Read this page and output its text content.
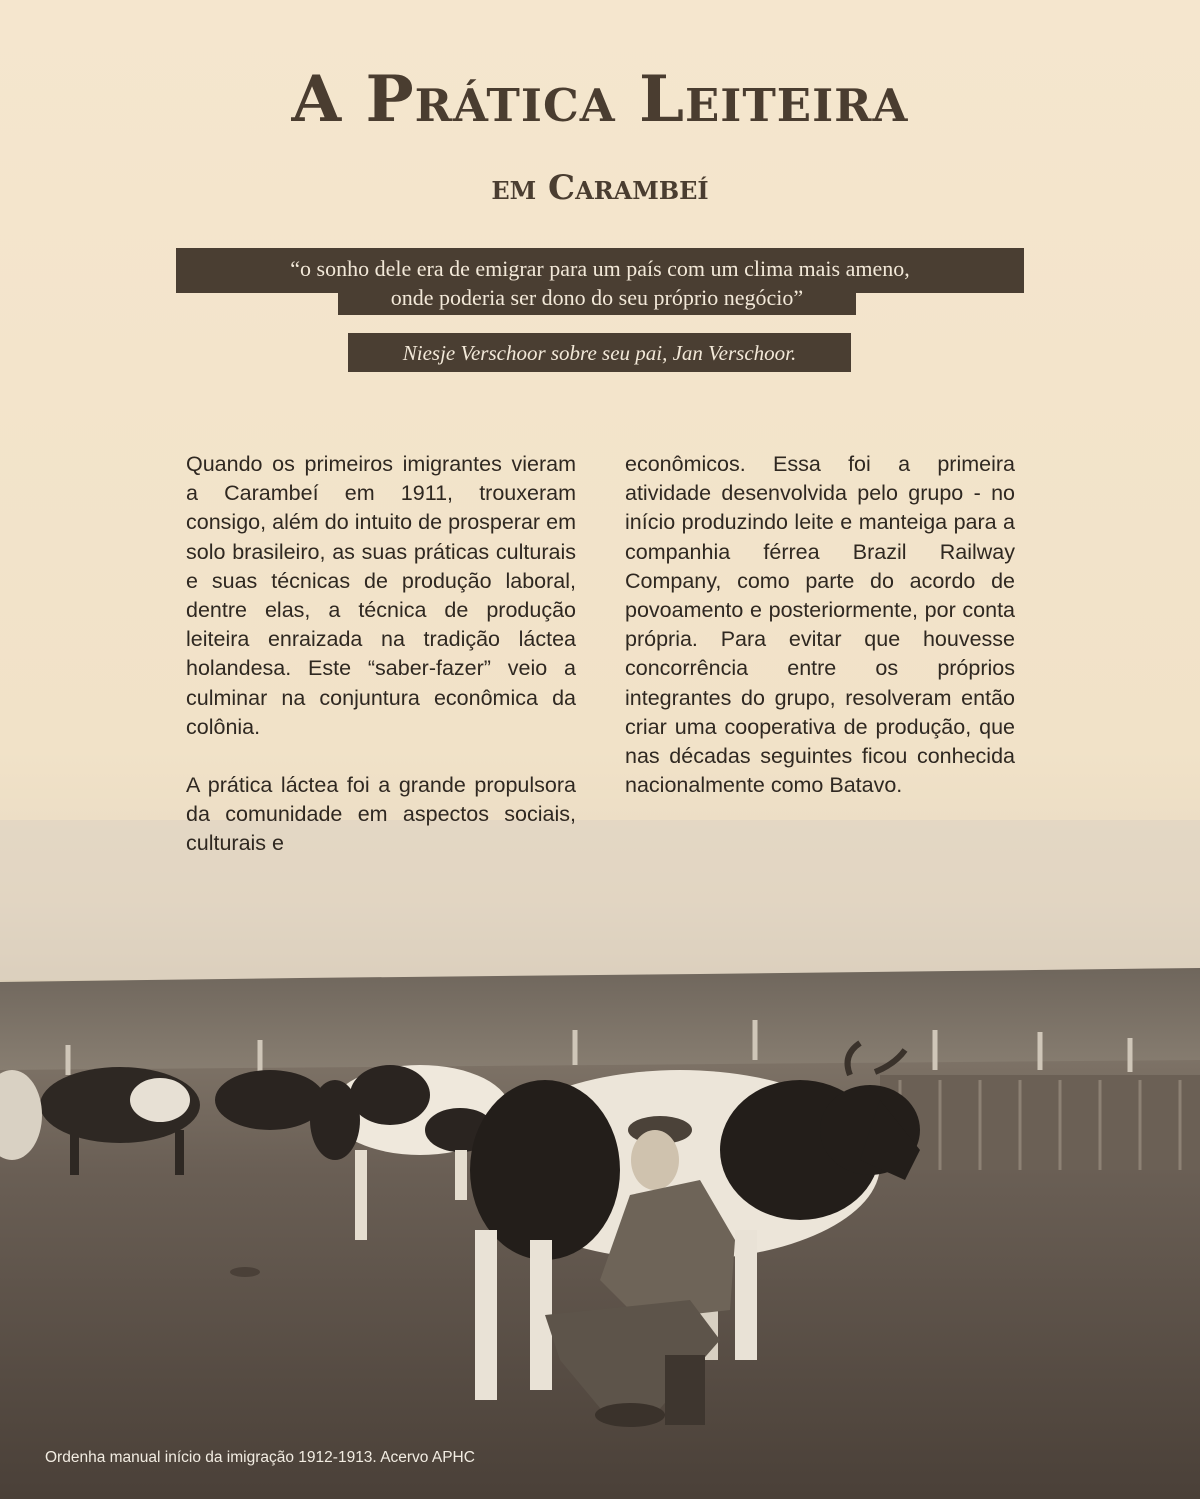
A Prática Leiteira
em Carambeí
“o sonho dele era de emigrar para um país com um clima mais ameno,
onde poderia ser dono do seu próprio negócio”
Niesje Verschoor sobre seu pai, Jan Verschoor.

Quando os primeiros imigrantes vieram a Carambeí em 1911, trouxeram consigo, além do intuito de prosperar em solo brasileiro, as suas práticas culturais e suas técnicas de produção laboral, dentre elas, a técnica de produção leiteira enraizada na tradição láctea holandesa. Este “saber-fazer” veio a culminar na conjuntura econômica da colônia.

A prática láctea foi a grande propulsora da comunidade em aspectos sociais, culturais e

econômicos. Essa foi a primeira atividade desenvolvida pelo grupo - no início produzindo leite e manteiga para a companhia férrea Brazil Railway Company, como parte do acordo de povoamento e posteriormente, por conta própria. Para evitar que houvesse concorrência entre os próprios integrantes do grupo, resolveram então criar uma cooperativa de produção, que nas décadas seguintes ficou conhecida nacionalmente como Batavo.

Ordenha manual início da imigração 1912-1913. Acervo APHC
